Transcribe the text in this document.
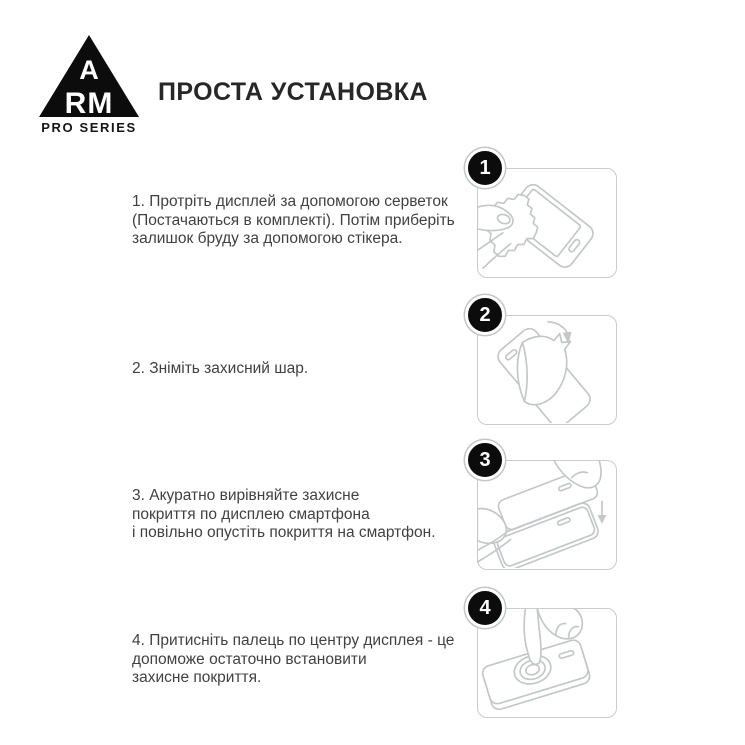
A
RM
PRO SERIES
ПРОСТА УСТАНОВКА
1. Протріть дисплей за допомогою серветок
(Постачаються в комплекті). Потім приберіть
залишок бруду за допомогою стікера.
1
2. Зніміть захисний шар.
2
3. Акуратно вирівняйте захисне
покриття по дисплею смартфона
і повільно опустіть покриття на смартфон.
3
4. Притисніть палець по центру дисплея - це
допоможе остаточно встановити
захисне покриття.
4
